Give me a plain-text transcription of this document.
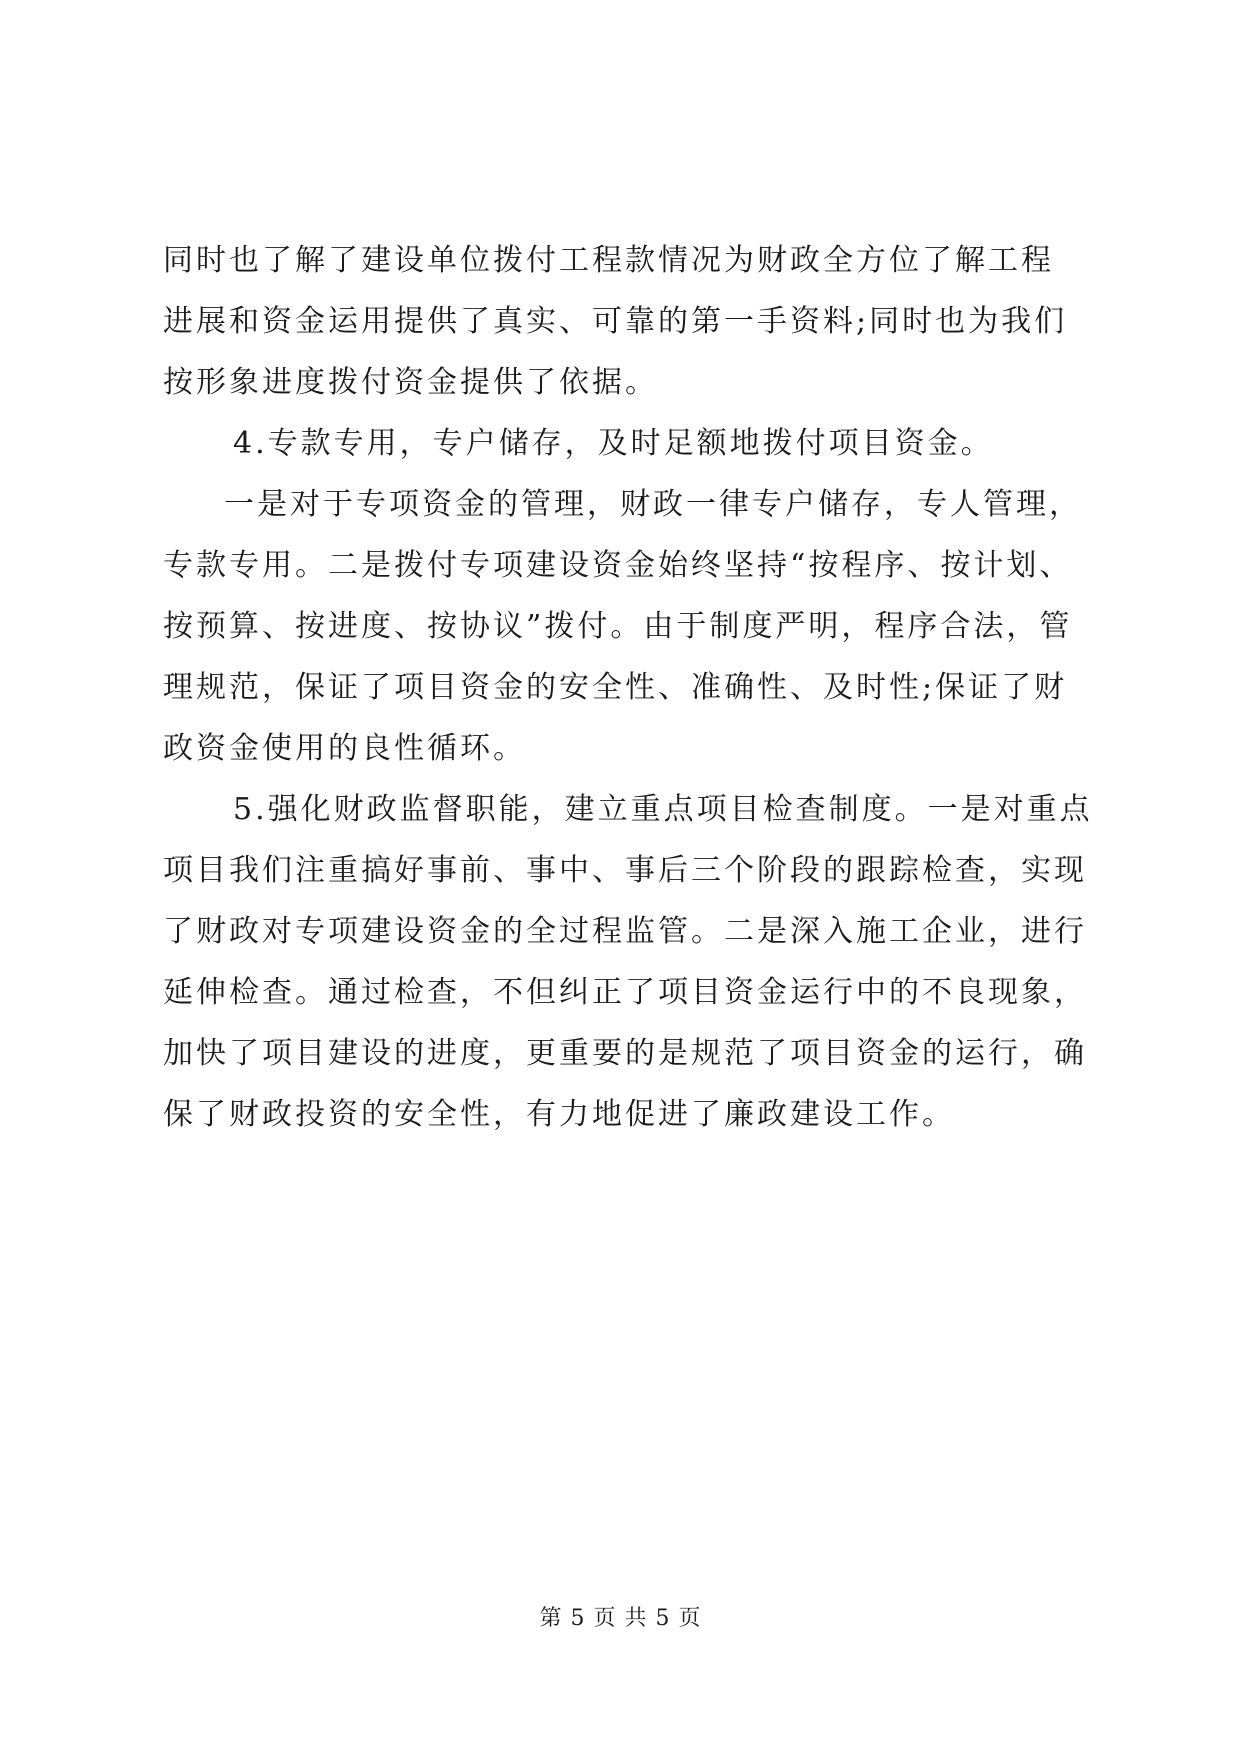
同时也了解了建设单位拨付工程款情况为财政全方位了解工程
进展和资金运用提供了真实、可靠的第一手资料;同时也为我们
按形象进度拨付资金提供了依据。
4.专款专用，专户储存，及时足额地拨付项目资金。
一是对于专项资金的管理，财政一律专户储存，专人管理，
专款专用。二是拨付专项建设资金始终坚持“按程序、按计划、
按预算、按进度、按协议”拨付。由于制度严明，程序合法，管
理规范，保证了项目资金的安全性、准确性、及时性;保证了财
政资金使用的良性循环。
5.强化财政监督职能，建立重点项目检查制度。一是对重点
项目我们注重搞好事前、事中、事后三个阶段的跟踪检查，实现
了财政对专项建设资金的全过程监管。二是深入施工企业，进行
延伸检查。通过检查，不但纠正了项目资金运行中的不良现象，
加快了项目建设的进度，更重要的是规范了项目资金的运行，确
保了财政投资的安全性，有力地促进了廉政建设工作。
第 5 页 共 5 页
